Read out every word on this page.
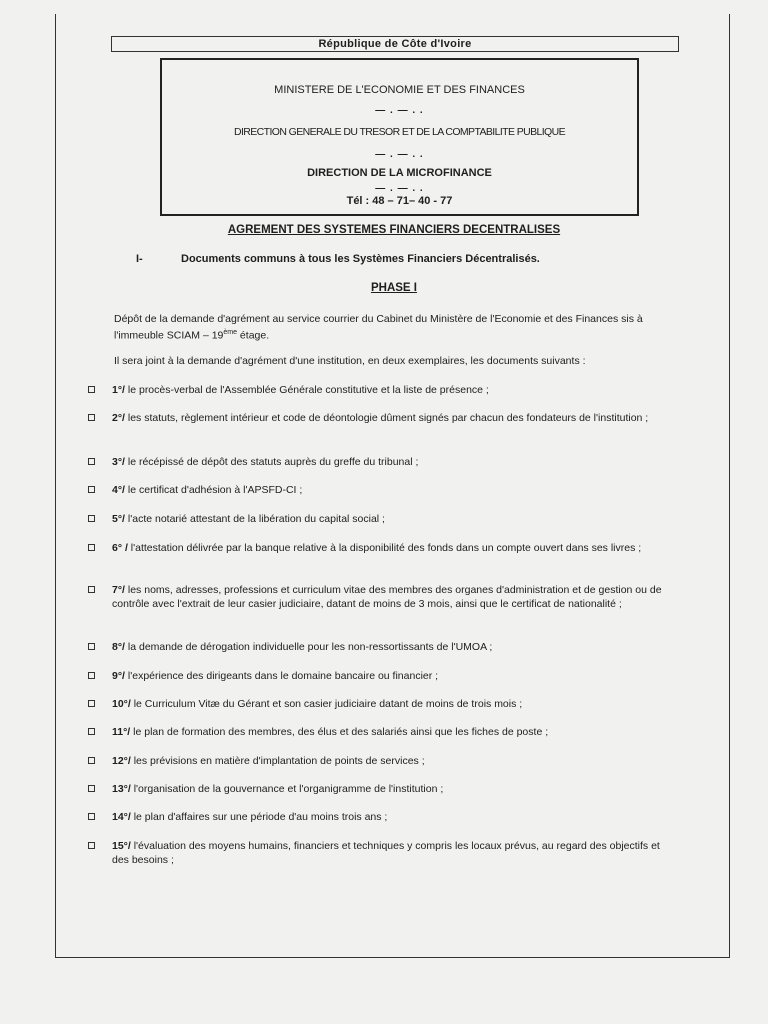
République de Côte d'Ivoire
MINISTERE DE L'ECONOMIE ET DES FINANCES
— . — . .
DIRECTION GENERALE DU TRESOR ET DE LA COMPTABILITE PUBLIQUE
— . — . .
DIRECTION DE LA MICROFINANCE
— . — . .
Tél : 48 – 71– 40 - 77
AGREMENT DES SYSTEMES FINANCIERS DECENTRALISES
I-	Documents communs à tous les Systèmes Financiers Décentralisés.
PHASE I
Dépôt de la demande d'agrément au service courrier du Cabinet du Ministère de l'Economie et des Finances sis à l'immeuble SCIAM – 19ème étage.
Il sera joint à la demande d'agrément d'une institution, en deux exemplaires, les documents suivants :
1°/ le procès-verbal de l'Assemblée Générale constitutive et la liste de présence ;
2°/ les statuts, règlement intérieur et code de déontologie dûment signés par chacun des fondateurs de l'institution ;
3°/ le récépissé de dépôt des statuts auprès du greffe du tribunal ;
4°/ le certificat d'adhésion à l'APSFD-CI ;
5°/ l'acte notarié attestant de la libération du capital social ;
6° / l'attestation délivrée par la banque relative à la disponibilité des fonds dans un compte ouvert dans ses livres ;
7°/ les noms, adresses, professions et curriculum vitae des membres des organes d'administration et de gestion ou de contrôle avec l'extrait de leur casier judiciaire, datant de moins de 3 mois, ainsi que le certificat de nationalité ;
8°/ la demande de dérogation individuelle pour les non-ressortissants de l'UMOA ;
9°/ l'expérience des dirigeants dans le domaine bancaire ou financier ;
10°/ le Curriculum Vitæ du Gérant et son casier judiciaire datant de moins de trois mois ;
11°/ le plan de formation des membres, des élus et des salariés ainsi que les fiches de poste ;
12°/ les prévisions en matière d'implantation de points de services ;
13°/ l'organisation de la gouvernance et l'organigramme de l'institution ;
14°/ le plan d'affaires sur une période d'au moins trois ans ;
15°/ l'évaluation des moyens humains, financiers et techniques y compris les locaux prévus, au regard des objectifs et des besoins ;
